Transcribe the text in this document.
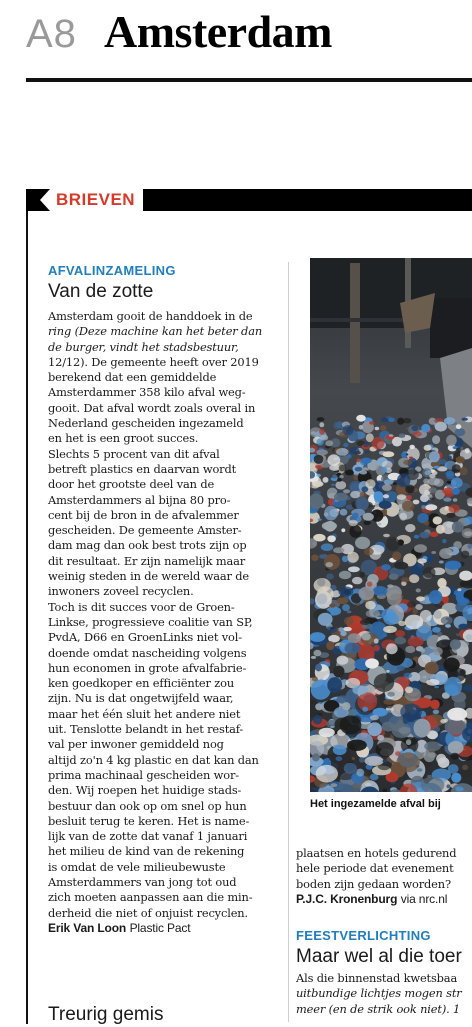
A8 Amsterdam
BRIEVEN
AFVALINZAMELING
Van de zotte

Amsterdam gooit de handdoek in de

ring (Deze machine kan het beter dan

de burger, vindt het stadsbestuur,

12/12). De gemeente heeft over 2019

berekend dat een gemiddelde

Amsterdammer 358 kilo afval weg-

gooit. Dat afval wordt zoals overal in

Nederland gescheiden ingezameld

en het is een groot succes.

Slechts 5 procent van dit afval

betreft plastics en daarvan wordt

door het grootste deel van de

Amsterdammers al bijna 80 pro-

cent bij de bron in de afvalemmer

gescheiden. De gemeente Amster-

dam mag dan ook best trots zijn op

dit resultaat. Er zijn namelijk maar

weinig steden in de wereld waar de

inwoners zoveel recyclen.

Toch is dit succes voor de Groen-

Linkse, progressieve coalitie van SP,

PvdA, D66 en GroenLinks niet vol-

doende omdat nascheiding volgens

hun economen in grote afvalfabrie-

ken goedkoper en efficiënter zou

zijn. Nu is dat ongetwijfeld waar,

maar het één sluit het andere niet

uit. Tenslotte belandt in het restaf-

val per inwoner gemiddeld nog

altijd zo'n 4 kg plastic en dat kan dan

prima machinaal gescheiden wor-

den. Wij roepen het huidige stads-

bestuur dan ook op om snel op hun

besluit terug te keren. Het is name-

lijk van de zotte dat vanaf 1 januari

het milieu de kind van de rekening

is omdat de vele milieubewuste

Amsterdammers van jong tot oud

zich moeten aanpassen aan die min-

derheid die niet of onjuist recyclen.

Erik Van Loon Plastic Pact

Treurig gemis
Het ingezamelde afval bij

plaatsen en hotels gedurend

hele periode dat evenement

boden zijn gedaan worden?

P.J.C. Kronenburg via nrc.nl

FEESTVERLICHTING
Maar wel al die toer

Als die binnenstad kwetsbaa

uitbundige lichtjes mogen str

meer (en de strik ook niet). 1
